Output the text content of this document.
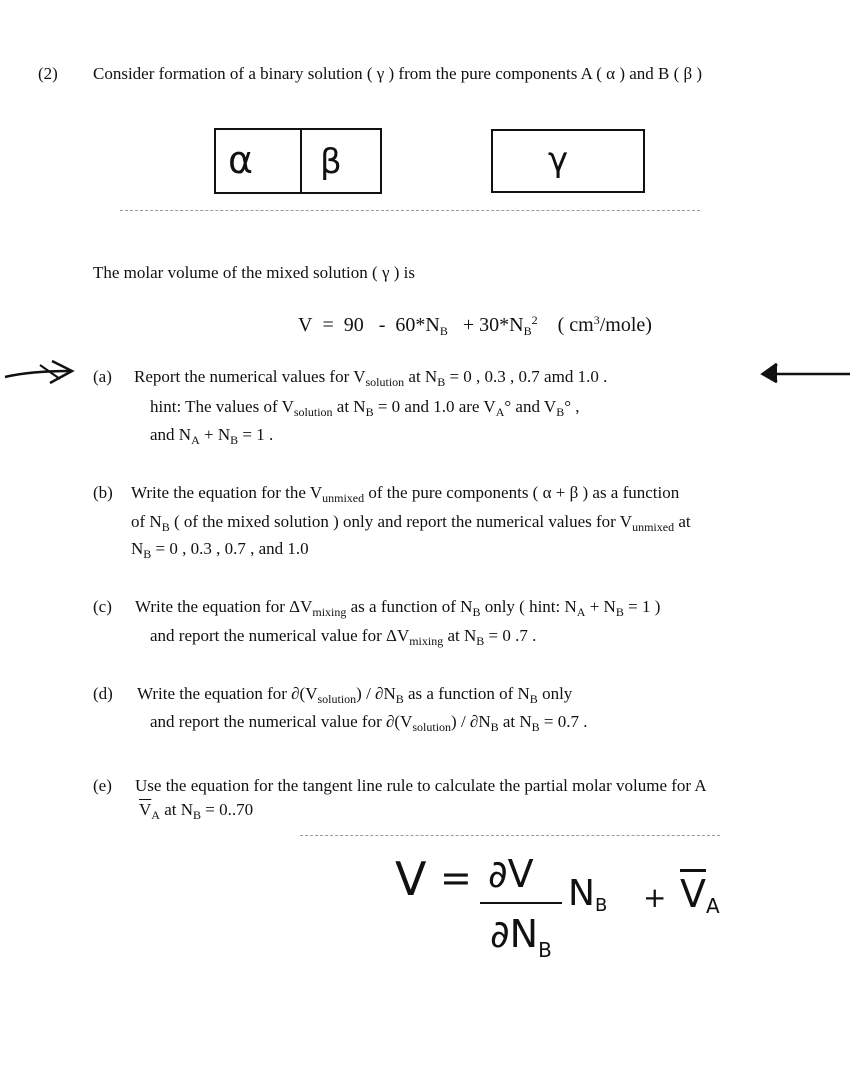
(2) Consider formation of a binary solution ( γ ) from the pure components A ( α ) and B ( β )
α β	γ
The molar volume of the mixed solution ( γ ) is
$V = 90 - 60*N_B + 30*N_B^2$ ( $cm^3/mole$)
(a) Report the numerical values for $V_{solution}$ at $N_B = 0$ , 0.3 , 0.7 amd 1.0 .
hint: The values of $V_{solution}$ at $N_B = 0$ and 1.0 are $V_A^\circ$ and $V_B^\circ$ ,
and $N_A + N_B = 1$ .
(b) Write the equation for the $V_{unmixed}$ of the pure components ( α + β ) as a function
of $N_B$ ( of the mixed solution ) only and report the numerical values for $V_{unmixed}$ at
$N_B = 0$ , 0.3 , 0.7 , and 1.0
(c) Write the equation for $\Delta V_{mixing}$ as a function of $N_B$ only ( hint: $N_A + N_B = 1$ )
and report the numerical value for $\Delta V_{mixing}$ at $N_B = 0$ .7 .
(d) Write the equation for $\partial(V_{solution}) / \partial N_B$ as a function of $N_B$ only
and report the numerical value for $\partial(V_{solution}) / \partial N_B$ at $N_B = 0.7$ .
(e) Use the equation for the tangent line rule to calculate the partial molar volume for A
$\overline{V}_A$ at $N_B = 0..70$
V = ∂V
$\partial N_B$
$N_B + \overline{V}_A$
